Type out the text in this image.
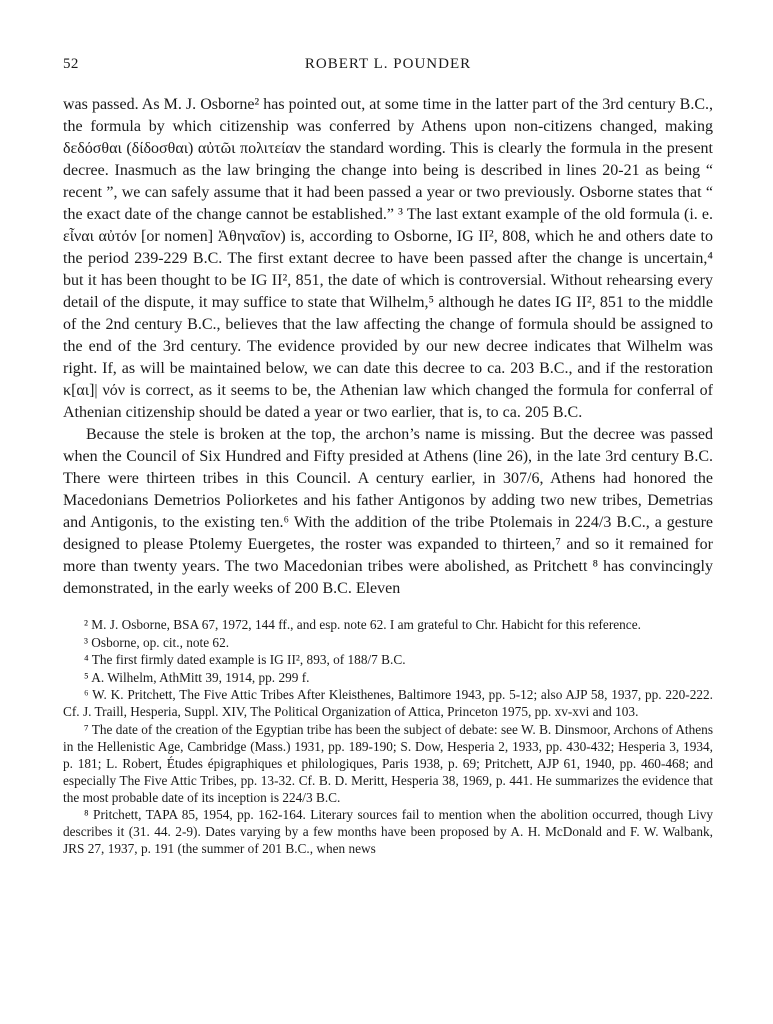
52	ROBERT L. POUNDER

was passed. As M. J. Osborne² has pointed out, at some time in the latter part of the 3rd century B.C., the formula by which citizenship was conferred by Athens upon non-citizens changed, making δεδόσθαι (δίδοσθαι) αὐτῶι πολιτείαν the standard wording. This is clearly the formula in the present decree. Inasmuch as the law bringing the change into being is described in lines 20-21 as being “ recent ”, we can safely assume that it had been passed a year or two previously. Osborne states that “ the exact date of the change cannot be established.” ³ The last extant example of the old formula (i. e. εἶναι αὐτόν [or nomen] Ἀθηναῖον) is, according to Osborne, IG II², 808, which he and others date to the period 239-229 B.C. The first extant decree to have been passed after the change is uncertain,⁴ but it has been thought to be IG II², 851, the date of which is controversial. Without rehearsing every detail of the dispute, it may suffice to state that Wilhelm,⁵ although he dates IG II², 851 to the middle of the 2nd century B.C., believes that the law affecting the change of formula should be assigned to the end of the 3rd century. The evidence provided by our new decree indicates that Wilhelm was right. If, as will be maintained below, we can date this decree to ca. 203 B.C., and if the restoration κ[αι]| νόν is correct, as it seems to be, the Athenian law which changed the formula for conferral of Athenian citizenship should be dated a year or two earlier, that is, to ca. 205 B.C.

Because the stele is broken at the top, the archon’s name is missing. But the decree was passed when the Council of Six Hundred and Fifty presided at Athens (line 26), in the late 3rd century B.C. There were thirteen tribes in this Council. A century earlier, in 307/6, Athens had honored the Macedonians Demetrios Poliorketes and his father Antigonos by adding two new tribes, Demetrias and Antigonis, to the existing ten.⁶ With the addition of the tribe Ptolemais in 224/3 B.C., a gesture designed to please Ptolemy Euergetes, the roster was expanded to thirteen,⁷ and so it remained for more than twenty years. The two Macedonian tribes were abolished, as Pritchett ⁸ has convincingly demonstrated, in the early weeks of 200 B.C. Eleven

² M. J. Osborne, BSA 67, 1972, 144 ff., and esp. note 62. I am grateful to Chr. Habicht for this reference.

³ Osborne, op. cit., note 62.

⁴ The first firmly dated example is IG II², 893, of 188/7 B.C.

⁵ A. Wilhelm, AthMitt 39, 1914, pp. 299 f.

⁶ W. K. Pritchett, The Five Attic Tribes After Kleisthenes, Baltimore 1943, pp. 5-12; also AJP 58, 1937, pp. 220-222. Cf. J. Traill, Hesperia, Suppl. XIV, The Political Organization of Attica, Princeton 1975, pp. xv-xvi and 103.

⁷ The date of the creation of the Egyptian tribe has been the subject of debate: see W. B. Dinsmoor, Archons of Athens in the Hellenistic Age, Cambridge (Mass.) 1931, pp. 189-190; S. Dow, Hesperia 2, 1933, pp. 430-432; Hesperia 3, 1934, p. 181; L. Robert, Études épigraphiques et philologiques, Paris 1938, p. 69; Pritchett, AJP 61, 1940, pp. 460-468; and especially The Five Attic Tribes, pp. 13-32. Cf. B. D. Meritt, Hesperia 38, 1969, p. 441. He summarizes the evidence that the most probable date of its inception is 224/3 B.C.

⁸ Pritchett, TAPA 85, 1954, pp. 162-164. Literary sources fail to mention when the abolition occurred, though Livy describes it (31. 44. 2-9). Dates varying by a few months have been proposed by A. H. McDonald and F. W. Walbank, JRS 27, 1937, p. 191 (the summer of 201 B.C., when news
